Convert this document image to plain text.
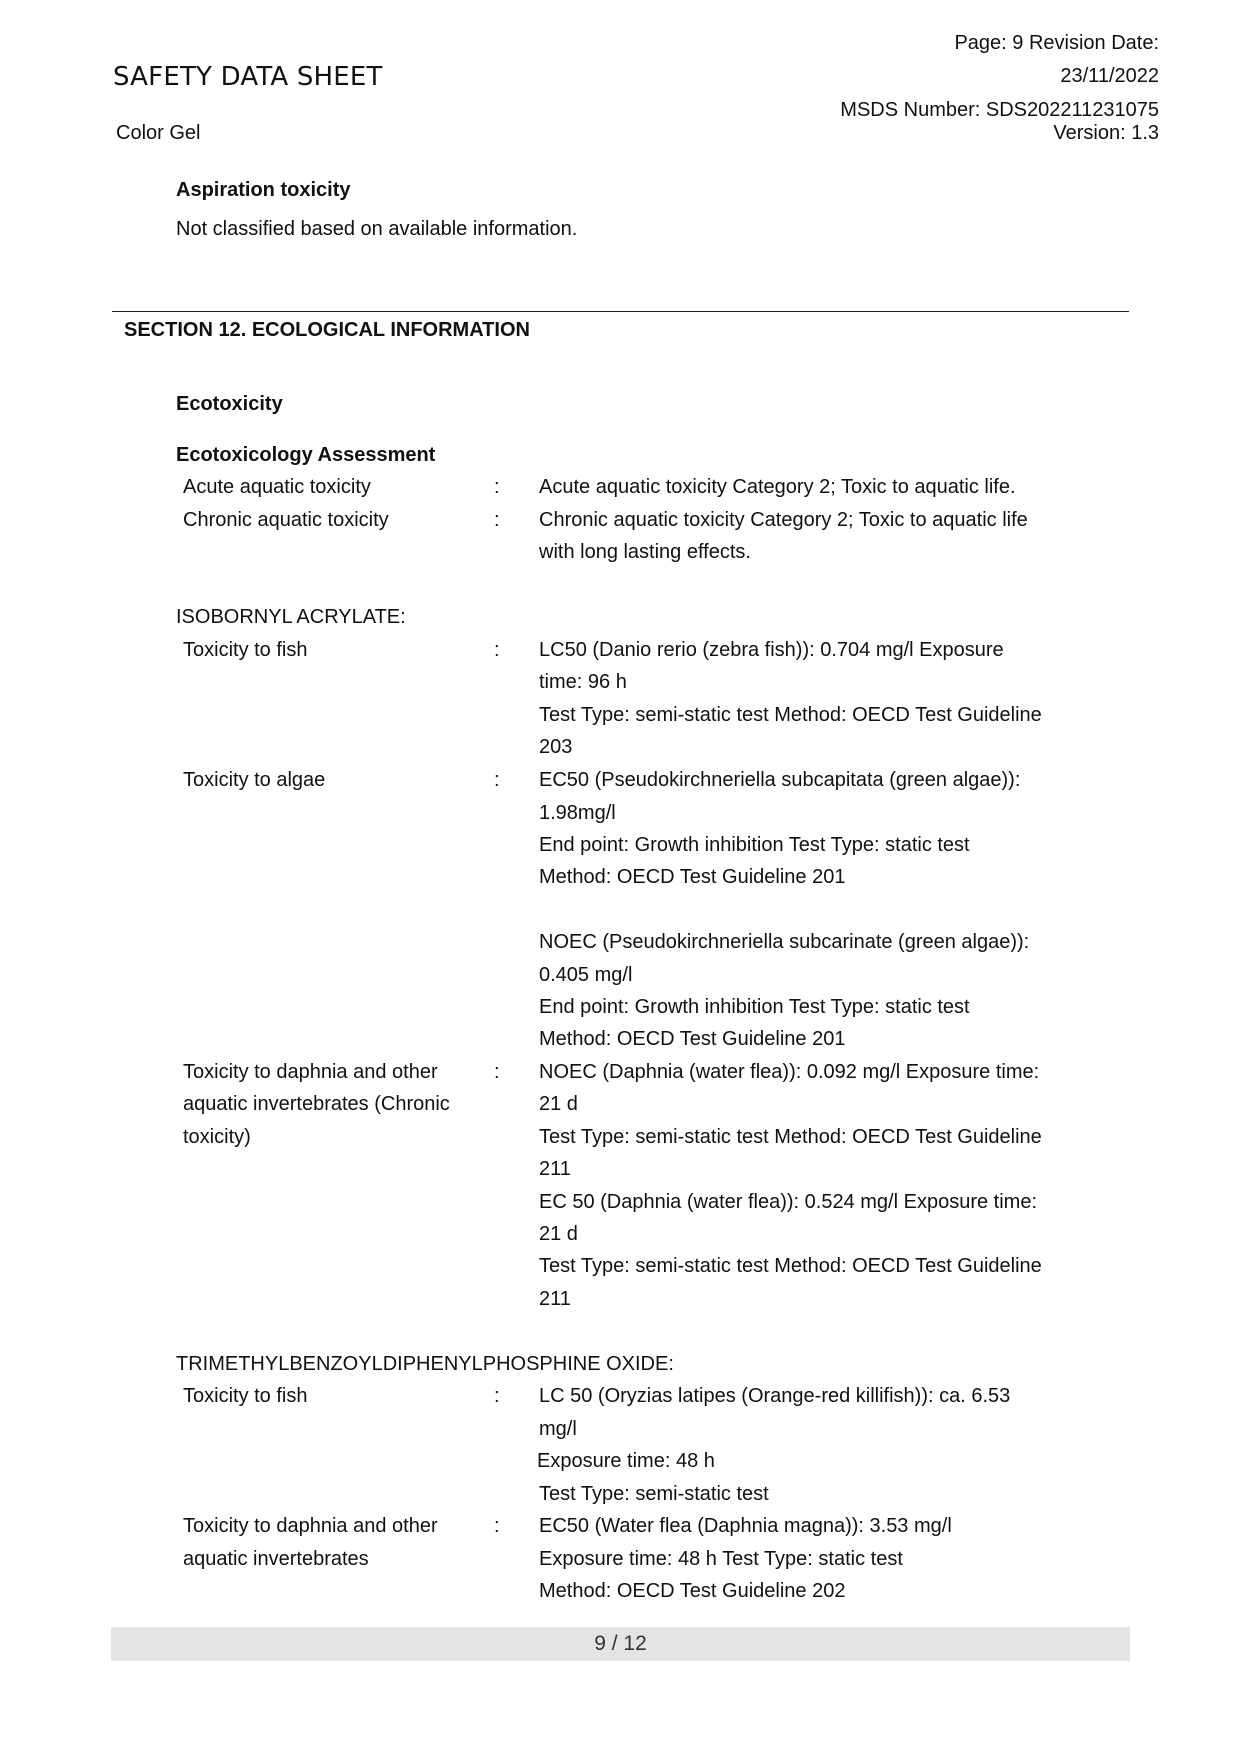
SAFETY DATA SHEET
Color Gel
Page: 9 Revision Date:
23/11/2022
MSDS Number: SDS202211231075
Version: 1.3
Aspiration toxicity
Not classified based on available information.
SECTION 12. ECOLOGICAL INFORMATION
Ecotoxicity
Ecotoxicology Assessment
Acute aquatic toxicity	: Acute aquatic toxicity Category 2; Toxic to aquatic life.
Chronic aquatic toxicity	: Chronic aquatic toxicity Category 2; Toxic to aquatic life
with long lasting effects.
ISOBORNYL ACRYLATE:
Toxicity to fish	: LC50 (Danio rerio (zebra fish)): 0.704 mg/l Exposure
time: 96 h
Test Type: semi-static test Method: OECD Test Guideline
203
Toxicity to algae	: EC50 (Pseudokirchneriella subcapitata (green algae)):
1.98mg/l
End point: Growth inhibition Test Type: static test
Method: OECD Test Guideline 201
NOEC (Pseudokirchneriella subcarinate (green algae)):
0.405 mg/l
End point: Growth inhibition Test Type: static test
Method: OECD Test Guideline 201
Toxicity to daphnia and other
aquatic invertebrates (Chronic
toxicity)
: NOEC (Daphnia (water flea)): 0.092 mg/l Exposure time:
21 d
Test Type: semi-static test Method: OECD Test Guideline
211
EC 50 (Daphnia (water flea)): 0.524 mg/l Exposure time:
21 d
Test Type: semi-static test Method: OECD Test Guideline
211
TRIMETHYLBENZOYLDIPHENYLPHOSPHINE OXIDE:
Toxicity to fish	: LC 50 (Oryzias latipes (Orange-red killifish)): ca. 6.53
mg/l
Exposure time: 48 h
Test Type: semi-static test
Toxicity to daphnia and other
aquatic invertebrates
: EC50 (Water flea (Daphnia magna)): 3.53 mg/l
Exposure time: 48 h Test Type: static test
Method: OECD Test Guideline 202
9 / 12
